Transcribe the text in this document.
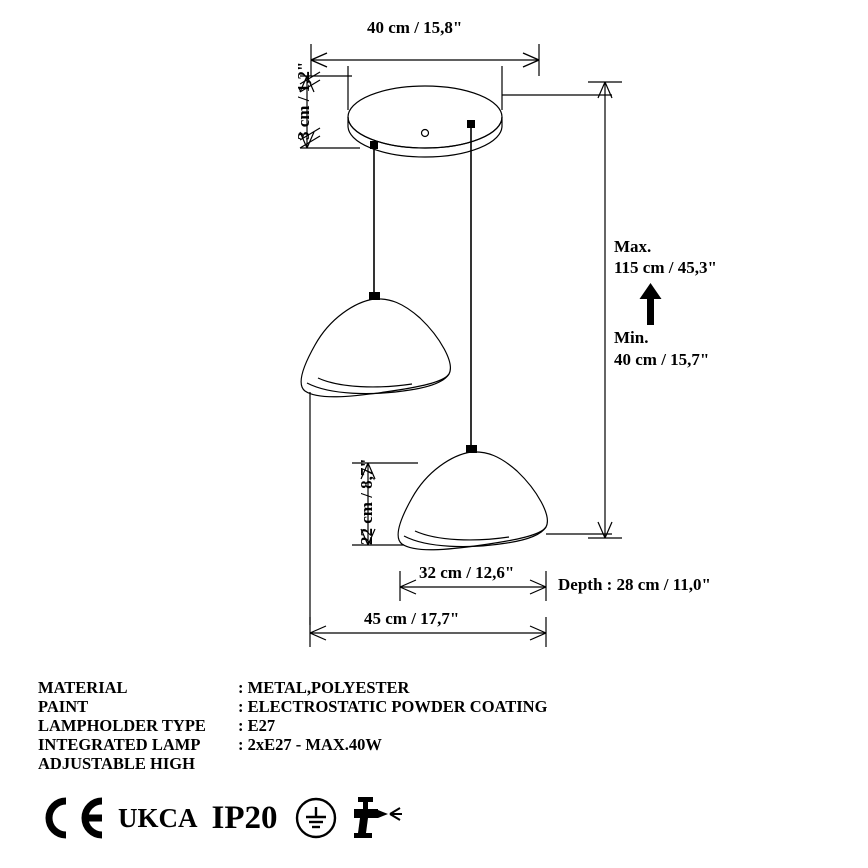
40 cm / 15,8"
3 cm / 1,2"
Max.
115 cm / 45,3"
Min.
40 cm / 15,7"
22 cm / 8,7"
32 cm / 12,6"
Depth : 28 cm / 11,0"
45 cm / 17,7"
MATERIAL	: METAL,POLYESTER
PAINT	: ELECTROSTATIC POWDER COATING
LAMPHOLDER TYPE	: E27
INTEGRATED LAMP	: 2xE27 - MAX.40W
ADJUSTABLE HIGH
UKCA IP20
